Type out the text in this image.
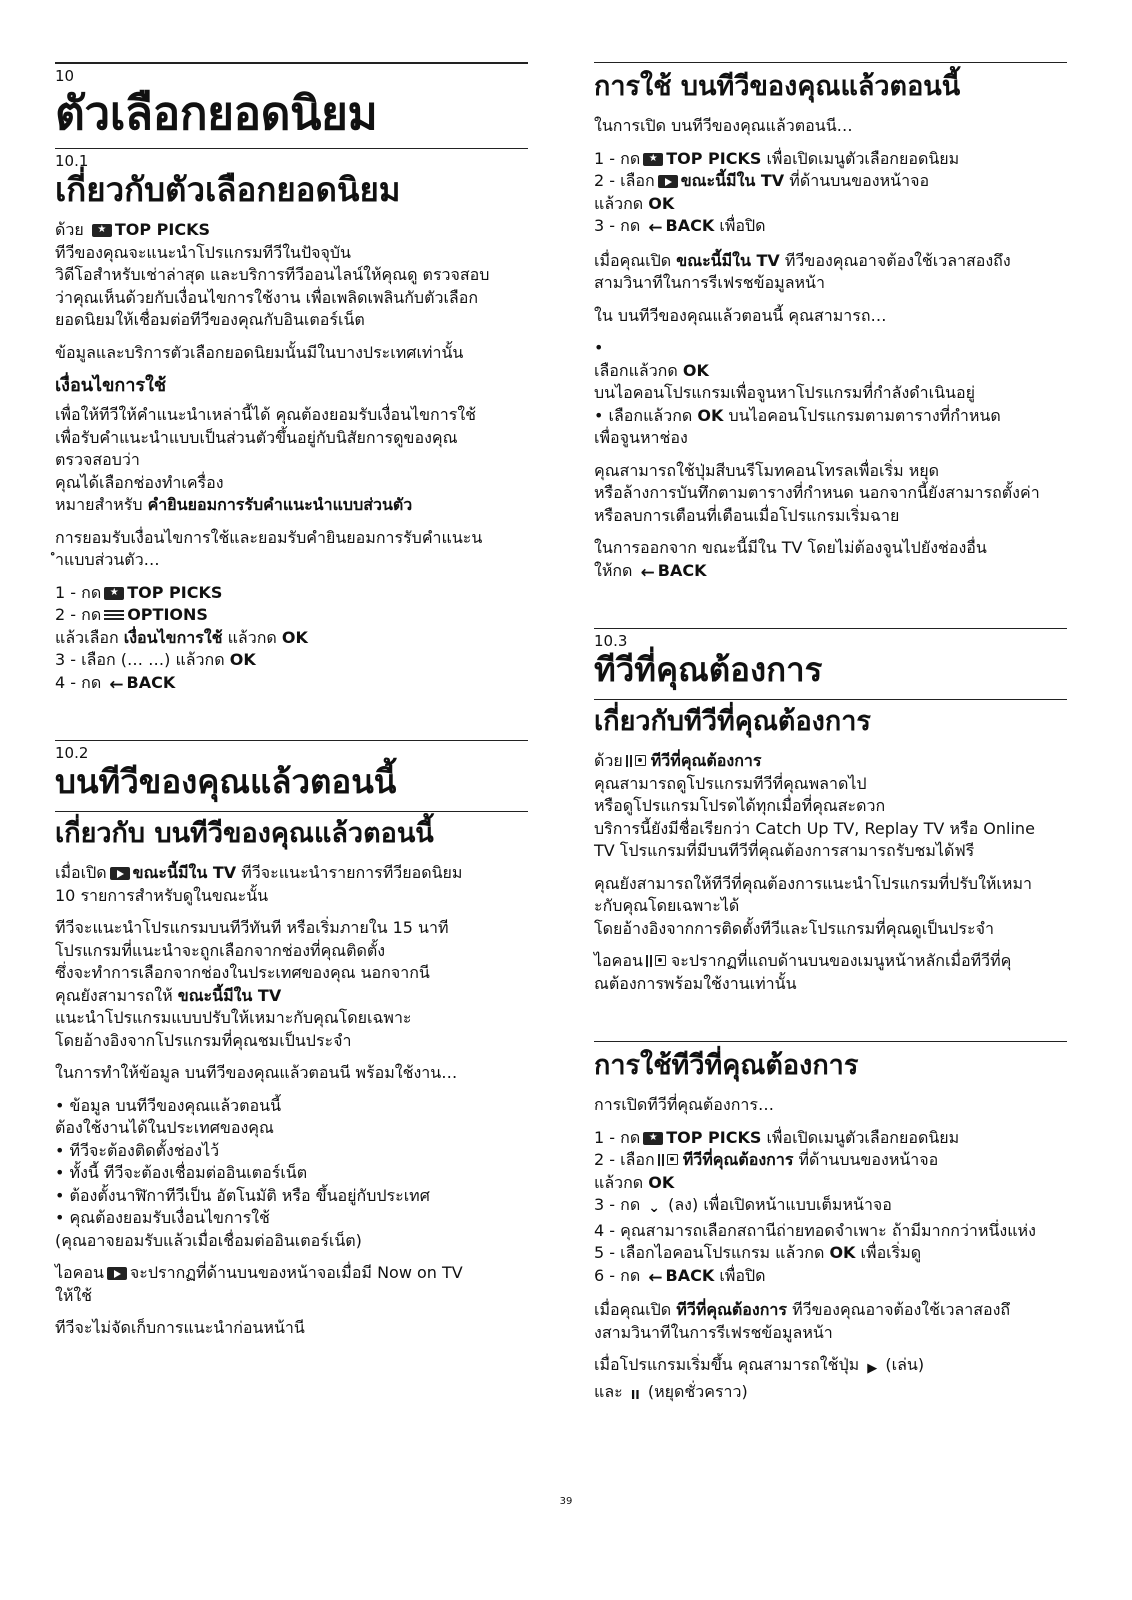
10
ตัวเลือกยอดนิยม
10.1
เกี่ยวกับตัวเลือกยอดนิยม
ด้วย	★ TOP PICKS
ทีวีของคุณจะแนะนำโปรแกรมทีวีในปัจจุบัน
วิดีโอสำหรับเช่าล่าสุด และบริการทีวีออนไลน์ให้คุณดู ตรวจสอบ
ว่าคุณเห็นด้วยกับเงื่อนไขการใช้งาน เพื่อเพลิดเพลินกับตัวเลือก
ยอดนิยมให้เชื่อมต่อทีวีของคุณกับอินเตอร์เน็ต

ข้อมูลและบริการตัวเลือกยอดนิยมนั้นมีในบางประเทศเท่านั้น

เงื่อนไขการใช้
เพื่อให้ทีวีให้คำแนะนำเหล่านี้ได้ คุณต้องยอมรับเงื่อนไขการใช้
เพื่อรับคำแนะนำแบบเป็นส่วนตัวขึ้นอยู่กับนิสัยการดูของคุณ
ตรวจสอบว่า
คุณได้เลือกช่องทำเครื่อง
หมายสำหรับ คำยินยอมการรับคำแนะนำแบบส่วนตัว
การยอมรับเงื่อนไขการใช้และยอมรับคำยินยอมการรับคำแนะน
ำแบบส่วนตัว…
1 - กด ★ TOP PICKS
2 - กด OPTIONS
แล้วเลือก เงื่อนไขการใช้ แล้วกด OK
3 - เลือก (… …) แล้วกด OK
4 - กด ← BACK
10.2
บนทีวีของคุณแล้วตอนนี้
เกี่ยวกับ บนทีวีของคุณแล้วตอนนี้
เมื่อเปิด ขณะนี้มีใน TV ทีวีจะแนะนำรายการทีวียอดนิยม
10 รายการสำหรับดูในขณะนั้น
ทีวีจะแนะนำโปรแกรมบนทีวีทันที หรือเริ่มภายใน 15 นาที
โปรแกรมที่แนะนำจะถูกเลือกจากช่องที่คุณติดตั้ง
ซึ่งจะทำการเลือกจากช่องในประเทศของคุณ นอกจากนี
คุณยังสามารถให้ ขณะนี้มีใน TV
แนะนำโปรแกรมแบบปรับให้เหมาะกับคุณโดยเฉพาะ
โดยอ้างอิงจากโปรแกรมที่คุณชมเป็นประจำ

ในการทำให้ข้อมูล บนทีวีของคุณแล้วตอนนี พร้อมใช้งาน…

• ข้อมูล บนทีวีของคุณแล้วตอนนี้
ต้องใช้งานได้ในประเทศของคุณ
• ทีวีจะต้องติดตั้งช่องไว้
• ทั้งนี้ ทีวีจะต้องเชื่อมต่ออินเตอร์เน็ต
• ต้องตั้งนาฬิกาทีวีเป็น อัตโนมัติ หรือ ขึ้นอยู่กับประเทศ
• คุณต้องยอมรับเงื่อนไขการใช้
(คุณอาจยอมรับแล้วเมื่อเชื่อมต่ออินเตอร์เน็ต)
ไอคอน จะปรากฏที่ด้านบนของหน้าจอเมื่อมี Now on TV
ให้ใช้

ทีวีจะไม่จัดเก็บการแนะนำก่อนหน้านี

การใช้ บนทีวีของคุณแล้วตอนนี้

ในการเปิด บนทีวีของคุณแล้วตอนนี…

1 - กด ★ TOP PICKS เพื่อเปิดเมนูตัวเลือกยอดนิยม
2 - เลือก ขณะนี้มีใน TV ที่ด้านบนของหน้าจอ
แล้วกด OK
3 - กด ← BACK เพื่อปิด
เมื่อคุณเปิด ขณะนี้มีใน TV ทีวีของคุณอาจต้องใช้เวลาสองถึง
สามวินาทีในการรีเฟรชข้อมูลหน้า

ใน บนทีวีของคุณแล้วตอนนี้ คุณสามารถ…

•
เลือกแล้วกด OK
บนไอคอนโปรแกรมเพื่อจูนหาโปรแกรมที่กำลังดำเนินอยู่
• เลือกแล้วกด OK บนไอคอนโปรแกรมตามตารางที่กำหนด
เพื่อจูนหาช่อง
คุณสามารถใช้ปุ่มสีบนรีโมทคอนโทรลเพื่อเริ่ม หยุด
หรือล้างการบันทึกตามตารางที่กำหนด นอกจากนี้ยังสามารถตั้งค่า
หรือลบการเตือนที่เตือนเมื่อโปรแกรมเริ่มฉาย
ในการออกจาก ขณะนี้มีใน TV โดยไม่ต้องจูนไปยังช่องอื่น
ให้กด ← BACK
10.3
ทีวีที่คุณต้องการ
เกี่ยวกับทีวีที่คุณต้องการ
ด้วย ทีวีที่คุณต้องการ
คุณสามารถดูโปรแกรมทีวีที่คุณพลาดไป
หรือดูโปรแกรมโปรดได้ทุกเมื่อที่คุณสะดวก
บริการนี้ยังมีชื่อเรียกว่า Catch Up TV, Replay TV หรือ Online
TV โปรแกรมที่มีบนทีวีที่คุณต้องการสามารถรับชมได้ฟรี
คุณยังสามารถให้ทีวีที่คุณต้องการแนะนำโปรแกรมที่ปรับให้เหมา
ะกับคุณโดยเฉพาะได้
โดยอ้างอิงจากการติดตั้งทีวีและโปรแกรมที่คุณดูเป็นประจำ
ไอคอน จะปรากฏที่แถบด้านบนของเมนูหน้าหลักเมื่อทีวีที่คุ
ณต้องการพร้อมใช้งานเท่านั้น
การใช้ทีวีที่คุณต้องการ

การเปิดทีวีที่คุณต้องการ…

1 - กด ★ TOP PICKS เพื่อเปิดเมนูตัวเลือกยอดนิยม
2 - เลือก ทีวีที่คุณต้องการ ที่ด้านบนของหน้าจอ
แล้วกด OK
3 - กด ⌄ (ลง) เพื่อเปิดหน้าแบบเต็มหน้าจอ
4 - คุณสามารถเลือกสถานีถ่ายทอดจำเพาะ ถ้ามีมากกว่าหนึ่งแห่ง
5 - เลือกไอคอนโปรแกรม แล้วกด OK เพื่อเริ่มดู
6 - กด ← BACK เพื่อปิด
เมื่อคุณเปิด ทีวีที่คุณต้องการ ทีวีของคุณอาจต้องใช้เวลาสองถึ
งสามวินาทีในการรีเฟรชข้อมูลหน้า
เมื่อโปรแกรมเริ่มขึ้น คุณสามารถใช้ปุ่ม ▶ (เล่น)
และ II (หยุดชั่วคราว)
39
